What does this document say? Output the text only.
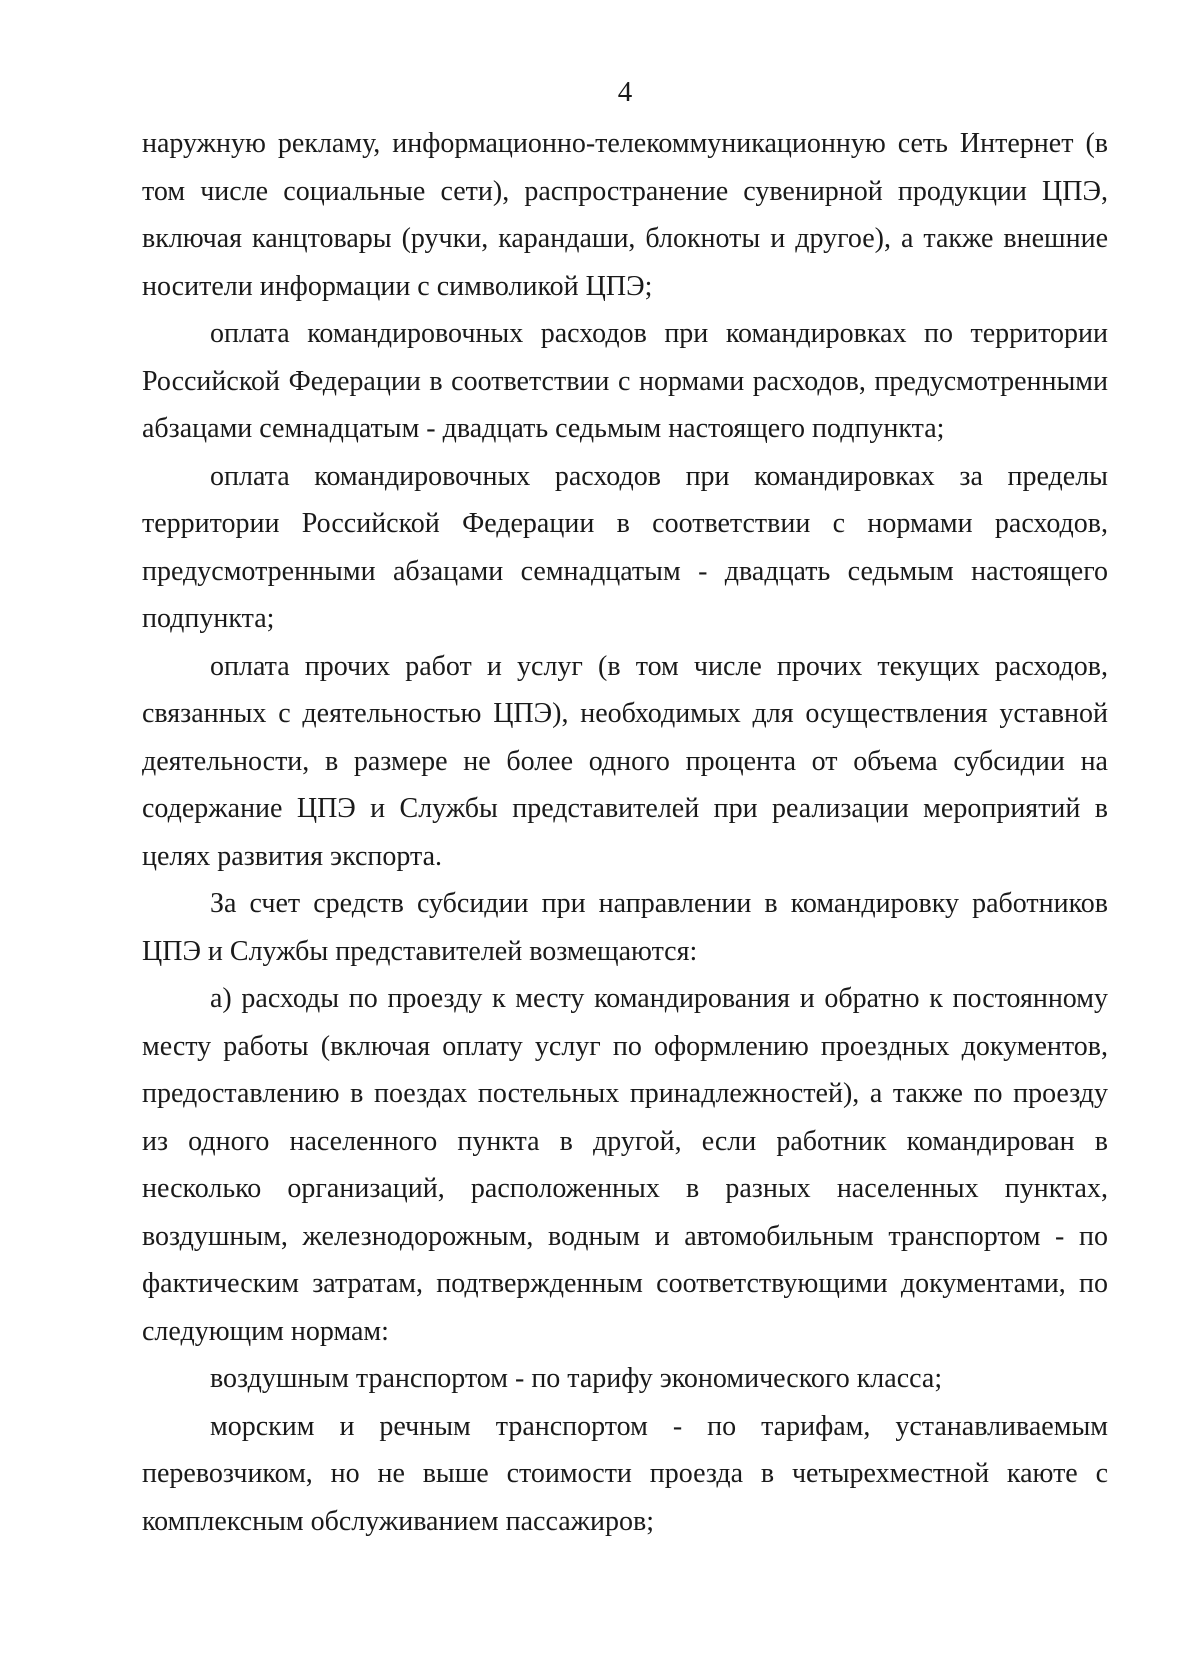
4

наружную рекламу, информационно-телекоммуникационную сеть Интернет (в том числе социальные сети), распространение сувенирной продукции ЦПЭ, включая канцтовары (ручки, карандаши, блокноты и другое), а также внешние носители информации с символикой ЦПЭ;

оплата командировочных расходов при командировках по территории Российской Федерации в соответствии с нормами расходов, предусмотренными абзацами семнадцатым - двадцать седьмым настоящего подпункта;

оплата командировочных расходов при командировках за пределы территории Российской Федерации в соответствии с нормами расходов, предусмотренными абзацами семнадцатым - двадцать седьмым настоящего подпункта;

оплата прочих работ и услуг (в том числе прочих текущих расходов, связанных с деятельностью ЦПЭ), необходимых для осуществления уставной деятельности, в размере не более одного процента от объема субсидии на содержание ЦПЭ и Службы представителей при реализации мероприятий в целях развития экспорта.

За счет средств субсидии при направлении в командировку работников ЦПЭ и Службы представителей возмещаются:

а) расходы по проезду к месту командирования и обратно к постоянному месту работы (включая оплату услуг по оформлению проездных документов, предоставлению в поездах постельных принадлежностей), а также по проезду из одного населенного пункта в другой, если работник командирован в несколько организаций, расположенных в разных населенных пунктах, воздушным, железнодорожным, водным и автомобильным транспортом - по фактическим затратам, подтвержденным соответствующими документами, по следующим нормам:

воздушным транспортом - по тарифу экономического класса;

морским и речным транспортом - по тарифам, устанавливаемым перевозчиком, но не выше стоимости проезда в четырехместной каюте с комплексным обслуживанием пассажиров;
